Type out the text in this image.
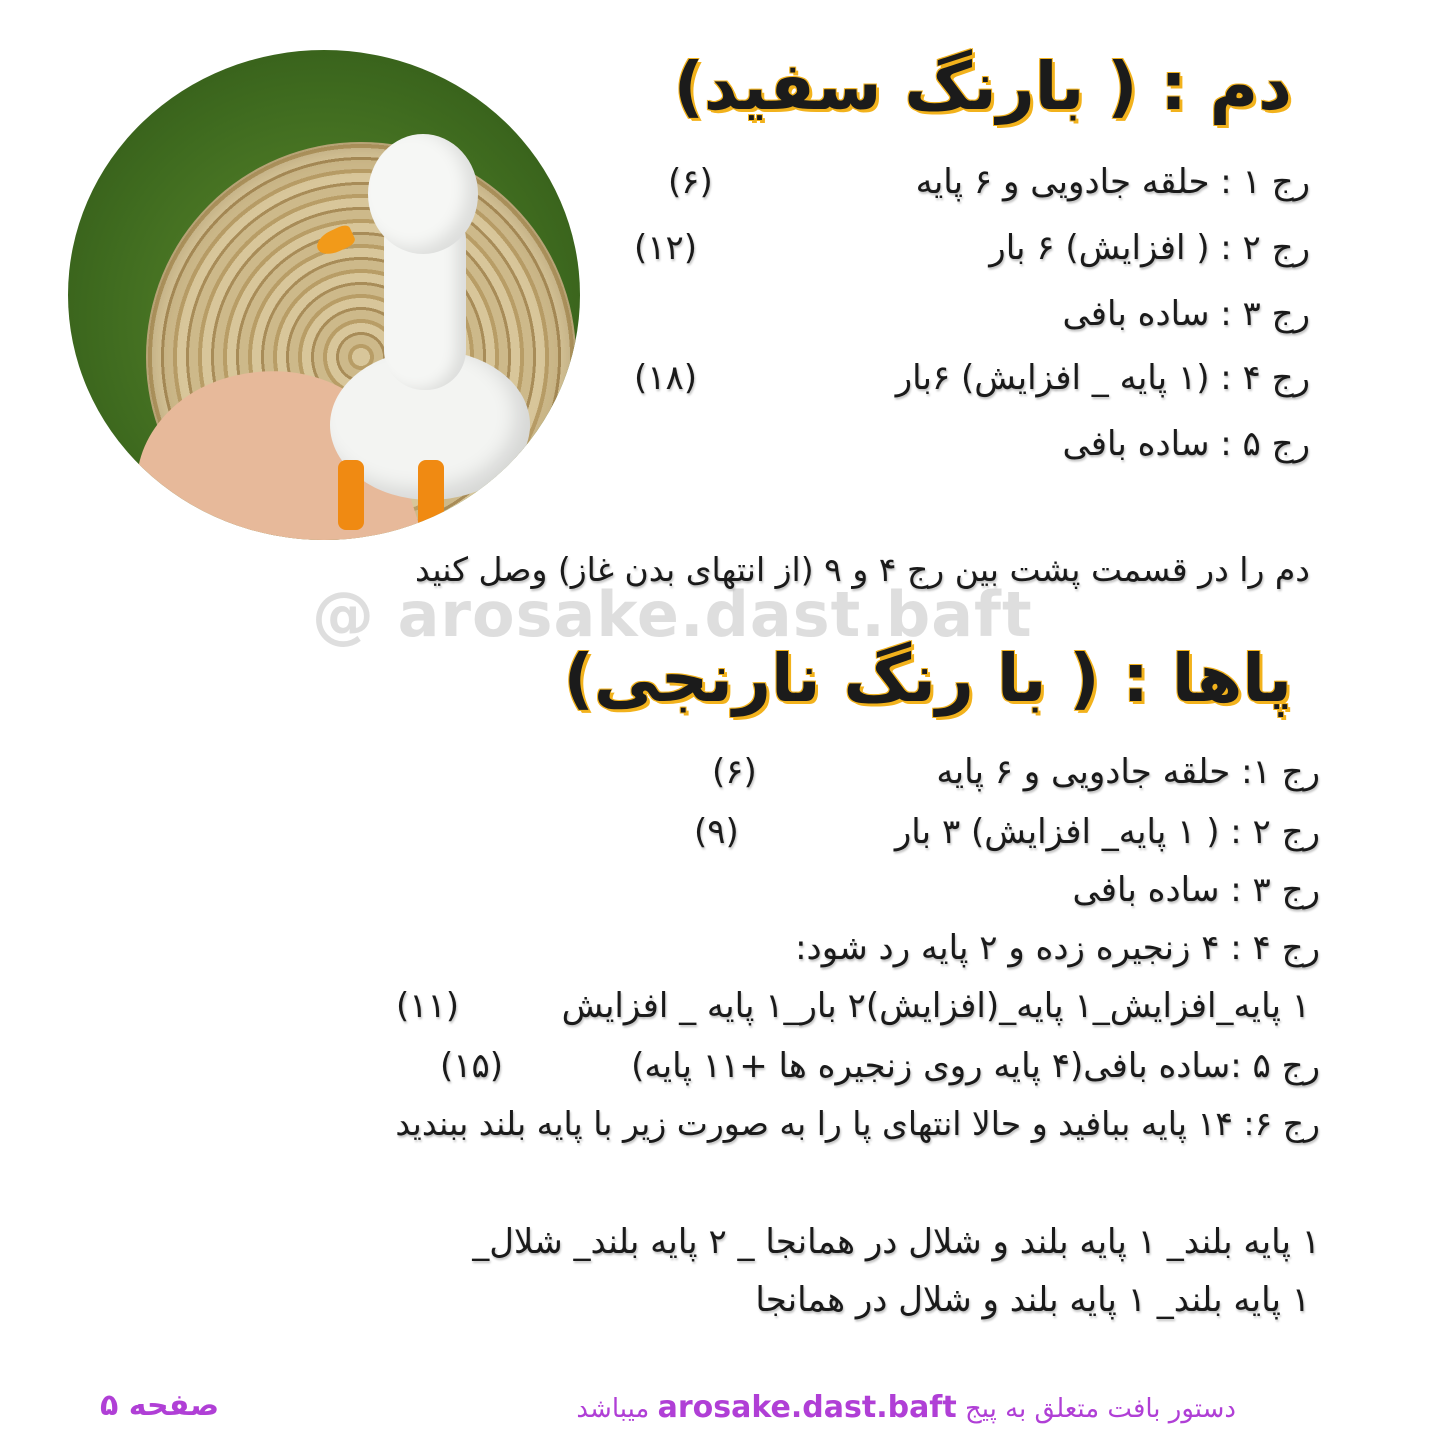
دم : ( بارنگ سفید)
رج ۱ : حلقه جادویی و ۶ پایه
(۶)
رج ۲ : ( افزایش) ۶ بار
(۱۲)
رج ۳ : ساده بافی
رج ۴ : (۱ پایه _ افزایش) ۶بار
(۱۸)
رج ۵ : ساده بافی
دم را در قسمت پشت بین رج ۴ و ۹ (از انتهای بدن غاز) وصل کنید
@ arosake.dast.baft
پاها : ( با رنگ نارنجی)
رج ۱: حلقه جادویی و ۶ پایه
(۶)
رج ۲ : ( ۱ پایه_ افزایش) ۳ بار
(۹)
رج ۳ : ساده بافی
رج ۴ : ۴ زنجیره زده و ۲ پایه رد شود:
۱ پایه_افزایش_۱ پایه_(افزایش)۲ بار_۱ پایه _ افزایش
(۱۱)
رج ۵ :ساده بافی(۴ پایه روی زنجیره ها +۱۱ پایه)
(۱۵)
رج ۶: ۱۴ پایه ببافید و حالا انتهای پا را به صورت زیر با پایه بلند ببندید
۱ پایه بلند_ ۱ پایه بلند و شلال در همانجا _ ۲ پایه بلند_ شلال_
۱ پایه بلند_ ۱ پایه بلند و شلال در همانجا
صفحه ۵	دستور بافت متعلق به پیج arosake.dast.baft میباشد
